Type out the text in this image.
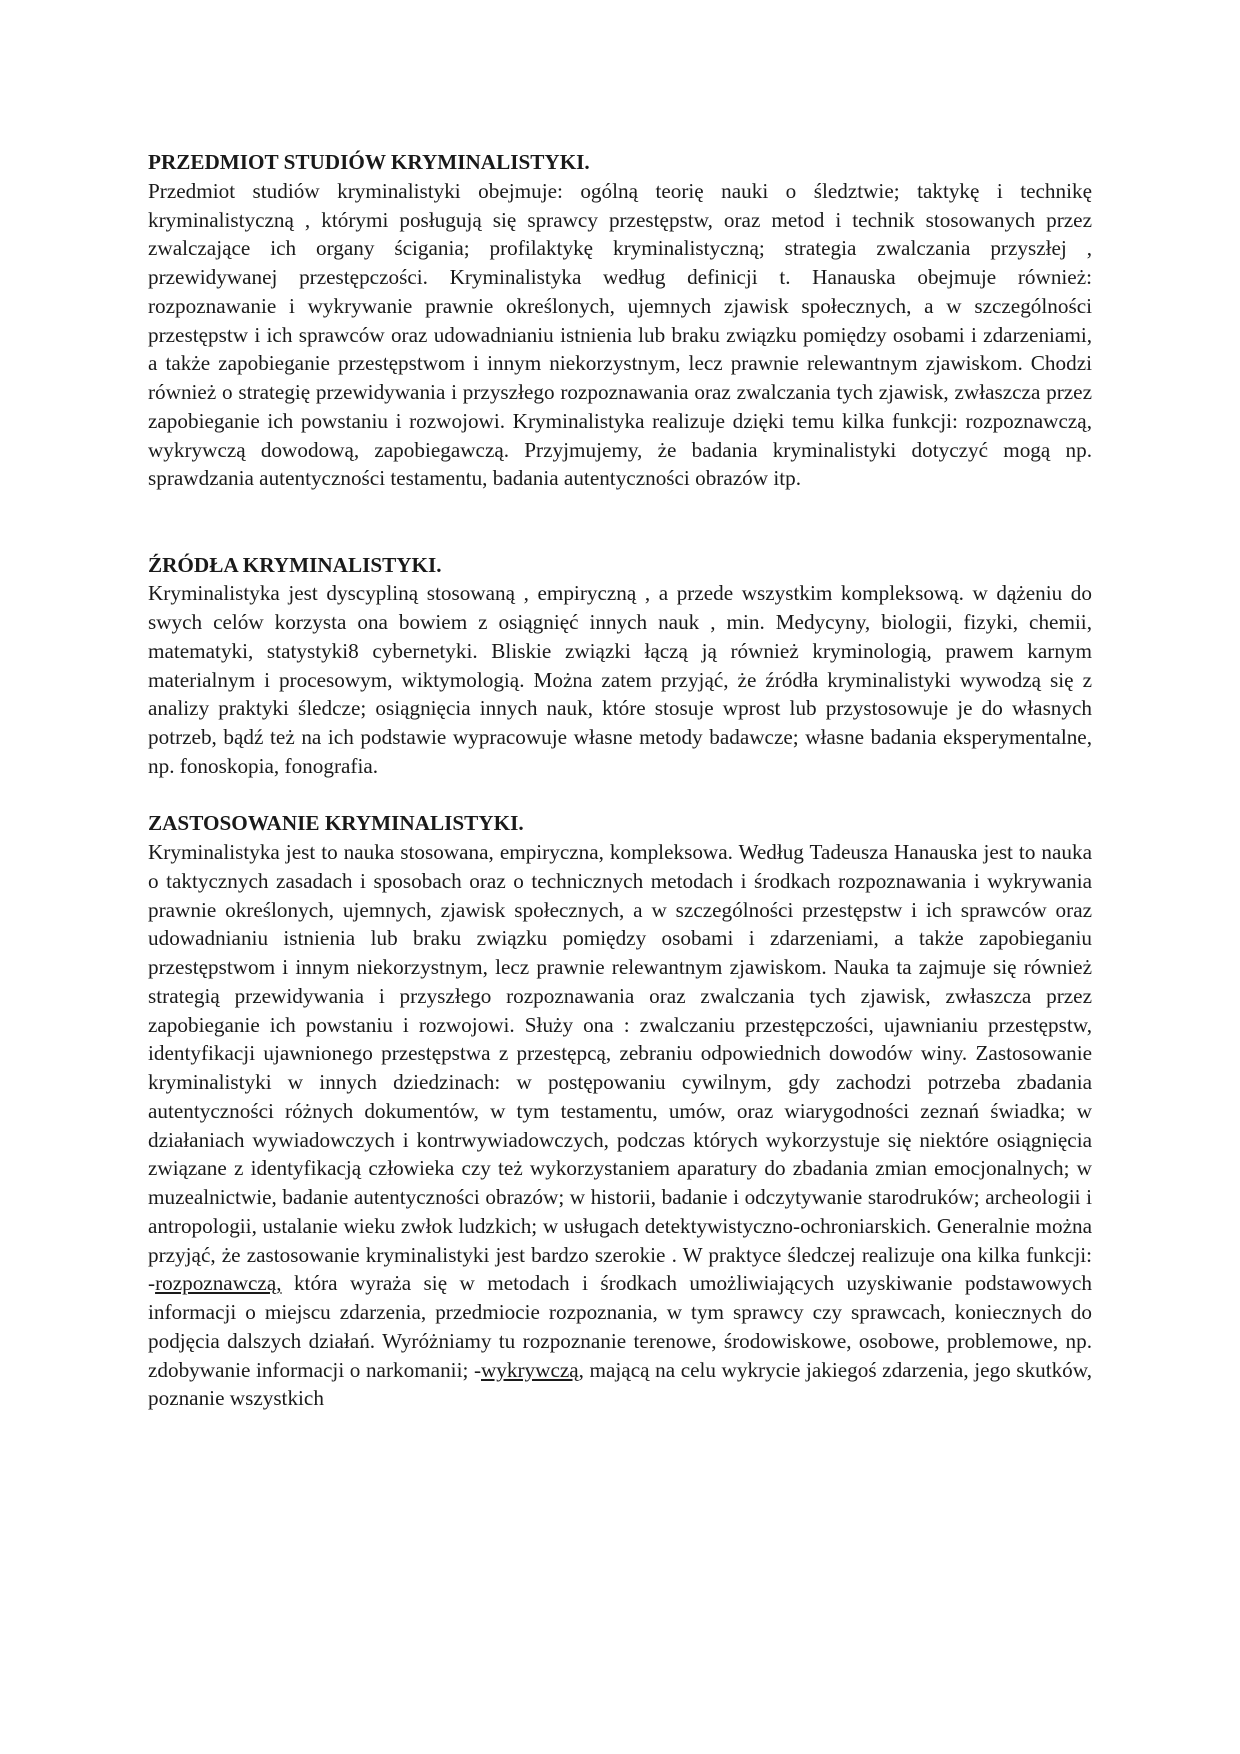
PRZEDMIOT STUDIÓW KRYMINALISTYKI.

Przedmiot studiów kryminalistyki obejmuje: ogólną teorię nauki o śledztwie; taktykę i technikę kryminalistyczną , którymi posługują się sprawcy przestępstw, oraz metod i technik stosowanych przez zwalczające ich organy ścigania; profilaktykę kryminalistyczną; strategia zwalczania przyszłej , przewidywanej przestępczości. Kryminalistyka według definicji t. Hanauska obejmuje również: rozpoznawanie i wykrywanie prawnie określonych, ujemnych zjawisk społecznych, a w szczególności przestępstw i ich sprawców oraz udowadnianiu istnienia lub braku związku pomiędzy osobami i zdarzeniami, a także zapobieganie przestępstwom i innym niekorzystnym, lecz prawnie relewantnym zjawiskom. Chodzi również o strategię przewidywania i przyszłego rozpoznawania oraz zwalczania tych zjawisk, zwłaszcza przez zapobieganie ich powstaniu i rozwojowi. Kryminalistyka realizuje dzięki temu kilka funkcji: rozpoznawczą, wykrywczą dowodową, zapobiegawczą. Przyjmujemy, że badania kryminalistyki dotyczyć mogą np. sprawdzania autentyczności testamentu, badania autentyczności obrazów itp.

ŹRÓDŁA KRYMINALISTYKI.

Kryminalistyka jest dyscypliną stosowaną , empiryczną , a przede wszystkim kompleksową. w dążeniu do swych celów korzysta ona bowiem z osiągnięć innych nauk , min. Medycyny, biologii, fizyki, chemii, matematyki, statystyki8 cybernetyki. Bliskie związki łączą ją również kryminologią, prawem karnym materialnym i procesowym, wiktymologią. Można zatem przyjąć, że źródła kryminalistyki wywodzą się z analizy praktyki śledcze; osiągnięcia innych nauk, które stosuje wprost lub przystosowuje je do własnych potrzeb, bądź też na ich podstawie wypracowuje własne metody badawcze; własne badania eksperymentalne, np. fonoskopia, fonografia.

ZASTOSOWANIE KRYMINALISTYKI.

Kryminalistyka jest to nauka stosowana, empiryczna, kompleksowa. Według Tadeusza Hanauska jest to nauka o taktycznych zasadach i sposobach oraz o technicznych metodach i środkach rozpoznawania i wykrywania prawnie określonych, ujemnych, zjawisk społecznych, a w szczególności przestępstw i ich sprawców oraz udowadnianiu istnienia lub braku związku pomiędzy osobami i zdarzeniami, a także zapobieganiu przestępstwom i innym niekorzystnym, lecz prawnie relewantnym zjawiskom. Nauka ta zajmuje się również strategią przewidywania i przyszłego rozpoznawania oraz zwalczania tych zjawisk, zwłaszcza przez zapobieganie ich powstaniu i rozwojowi. Służy ona : zwalczaniu przestępczości, ujawnianiu przestępstw, identyfikacji ujawnionego przestępstwa z przestępcą, zebraniu odpowiednich dowodów winy. Zastosowanie kryminalistyki w innych dziedzinach: w postępowaniu cywilnym, gdy zachodzi potrzeba zbadania autentyczności różnych dokumentów, w tym testamentu, umów, oraz wiarygodności zeznań świadka; w działaniach wywiadowczych i kontrwywiadowczych, podczas których wykorzystuje się niektóre osiągnięcia związane z identyfikacją człowieka czy też wykorzystaniem aparatury do zbadania zmian emocjonalnych; w muzealnictwie, badanie autentyczności obrazów; w historii, badanie i odczytywanie starodruków; archeologii i antropologii, ustalanie wieku zwłok ludzkich; w usługach detektywistyczno-ochroniarskich. Generalnie można przyjąć, że zastosowanie kryminalistyki jest bardzo szerokie . W praktyce śledczej realizuje ona kilka funkcji: -rozpoznawczą, która wyraża się w metodach i środkach umożliwiających uzyskiwanie podstawowych informacji o miejscu zdarzenia, przedmiocie rozpoznania, w tym sprawcy czy sprawcach, koniecznych do podjęcia dalszych działań. Wyróżniamy tu rozpoznanie terenowe, środowiskowe, osobowe, problemowe, np. zdobywanie informacji o narkomanii; -wykrywczą, mającą na celu wykrycie jakiegoś zdarzenia, jego skutków, poznanie wszystkich
